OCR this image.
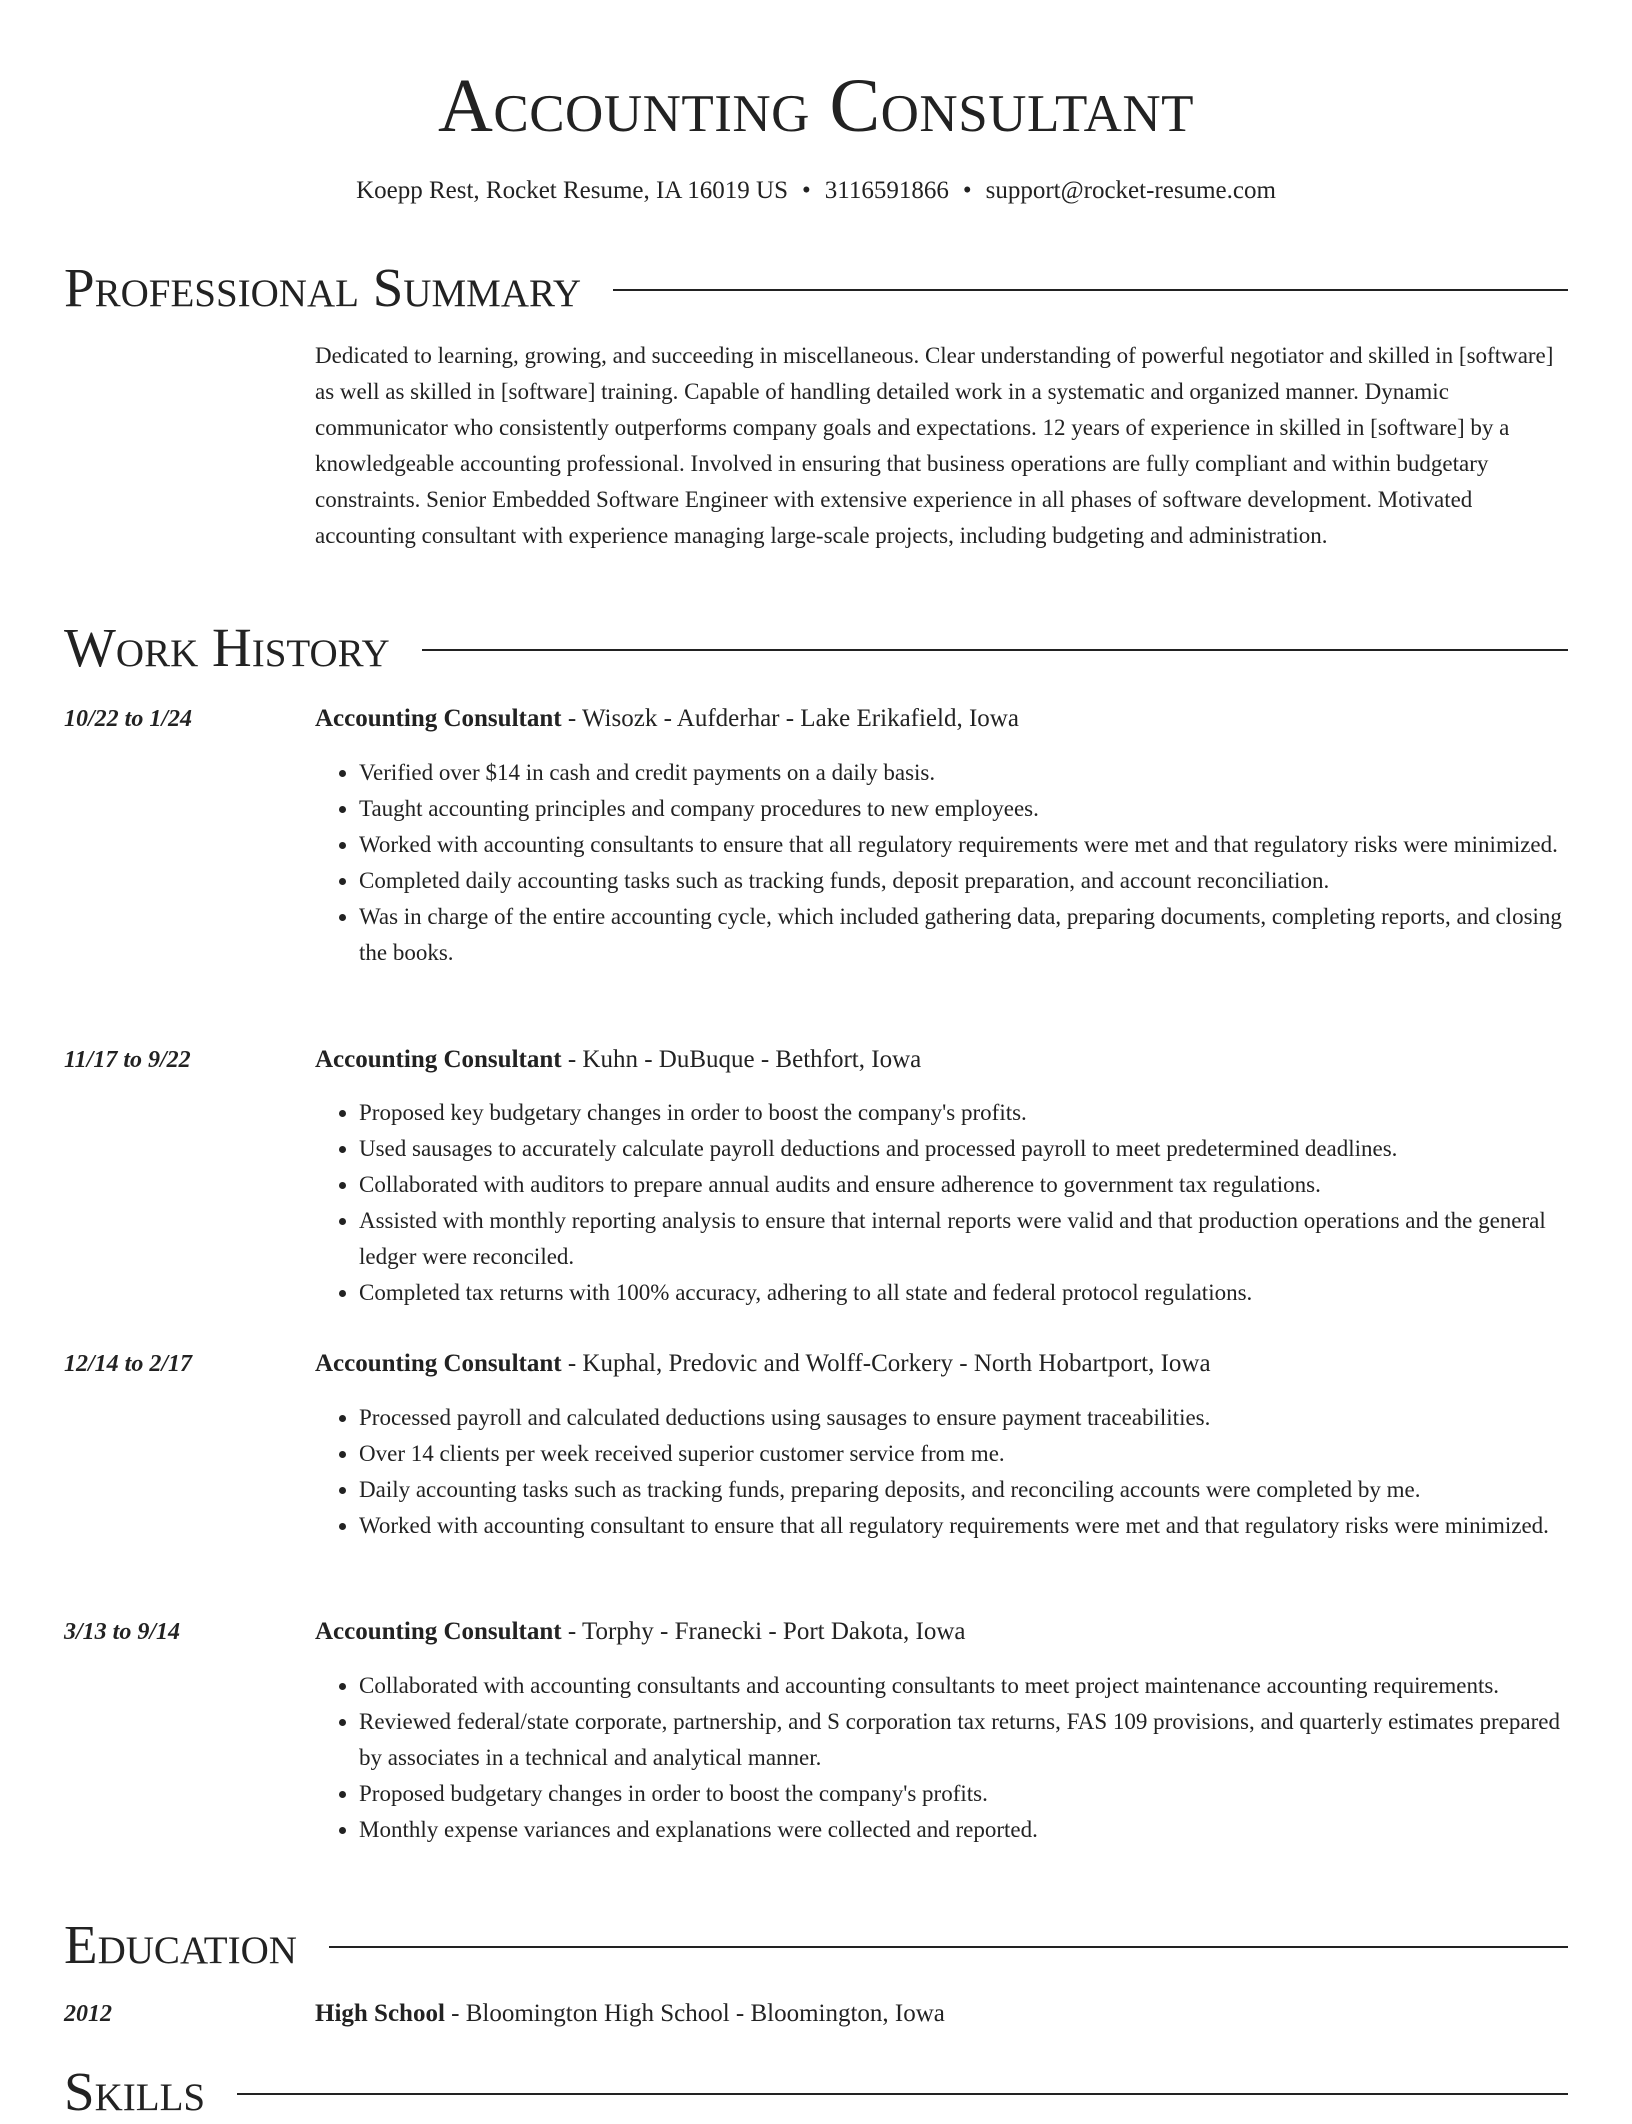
Accounting Consultant
Koepp Rest, Rocket Resume, IA 16019 US • 3116591866 • support@rocket-resume.com
Professional Summary

Dedicated to learning, growing, and succeeding in miscellaneous. Clear understanding of powerful negotiator and skilled in [software] as well as skilled in [software] training. Capable of handling detailed work in a systematic and organized manner. Dynamic communicator who consistently outperforms company goals and expectations. 12 years of experience in skilled in [software] by a knowledgeable accounting professional. Involved in ensuring that business operations are fully compliant and within budgetary constraints. Senior Embedded Software Engineer with extensive experience in all phases of software development. Motivated accounting consultant with experience managing large-scale projects, including budgeting and administration.

Work History
10/22 to 1/24	Accounting Consultant - Wisozk - Aufderhar - Lake Erikafield, Iowa
• Verified over $14 in cash and credit payments on a daily basis.
• Taught accounting principles and company procedures to new employees.
• Worked with accounting consultants to ensure that all regulatory requirements were met and that regulatory risks were minimized.
• Completed daily accounting tasks such as tracking funds, deposit preparation, and account reconciliation.
• Was in charge of the entire accounting cycle, which included gathering data, preparing documents, completing reports, and closing the books.
11/17 to 9/22	Accounting Consultant - Kuhn - DuBuque - Bethfort, Iowa
• Proposed key budgetary changes in order to boost the company's profits.
• Used sausages to accurately calculate payroll deductions and processed payroll to meet predetermined deadlines.
• Collaborated with auditors to prepare annual audits and ensure adherence to government tax regulations.
• Assisted with monthly reporting analysis to ensure that internal reports were valid and that production operations and the general ledger were reconciled.
• Completed tax returns with 100% accuracy, adhering to all state and federal protocol regulations.
12/14 to 2/17	Accounting Consultant - Kuphal, Predovic and Wolff-Corkery - North Hobartport, Iowa
• Processed payroll and calculated deductions using sausages to ensure payment traceabilities.
• Over 14 clients per week received superior customer service from me.
• Daily accounting tasks such as tracking funds, preparing deposits, and reconciling accounts were completed by me.
• Worked with accounting consultant to ensure that all regulatory requirements were met and that regulatory risks were minimized.
3/13 to 9/14	Accounting Consultant - Torphy - Franecki - Port Dakota, Iowa
• Collaborated with accounting consultants and accounting consultants to meet project maintenance accounting requirements.
• Reviewed federal/state corporate, partnership, and S corporation tax returns, FAS 109 provisions, and quarterly estimates prepared by associates in a technical and analytical manner.
• Proposed budgetary changes in order to boost the company's profits.
• Monthly expense variances and explanations were collected and reported.
Education
2012	High School - Bloomington High School - Bloomington, Iowa
Skills
